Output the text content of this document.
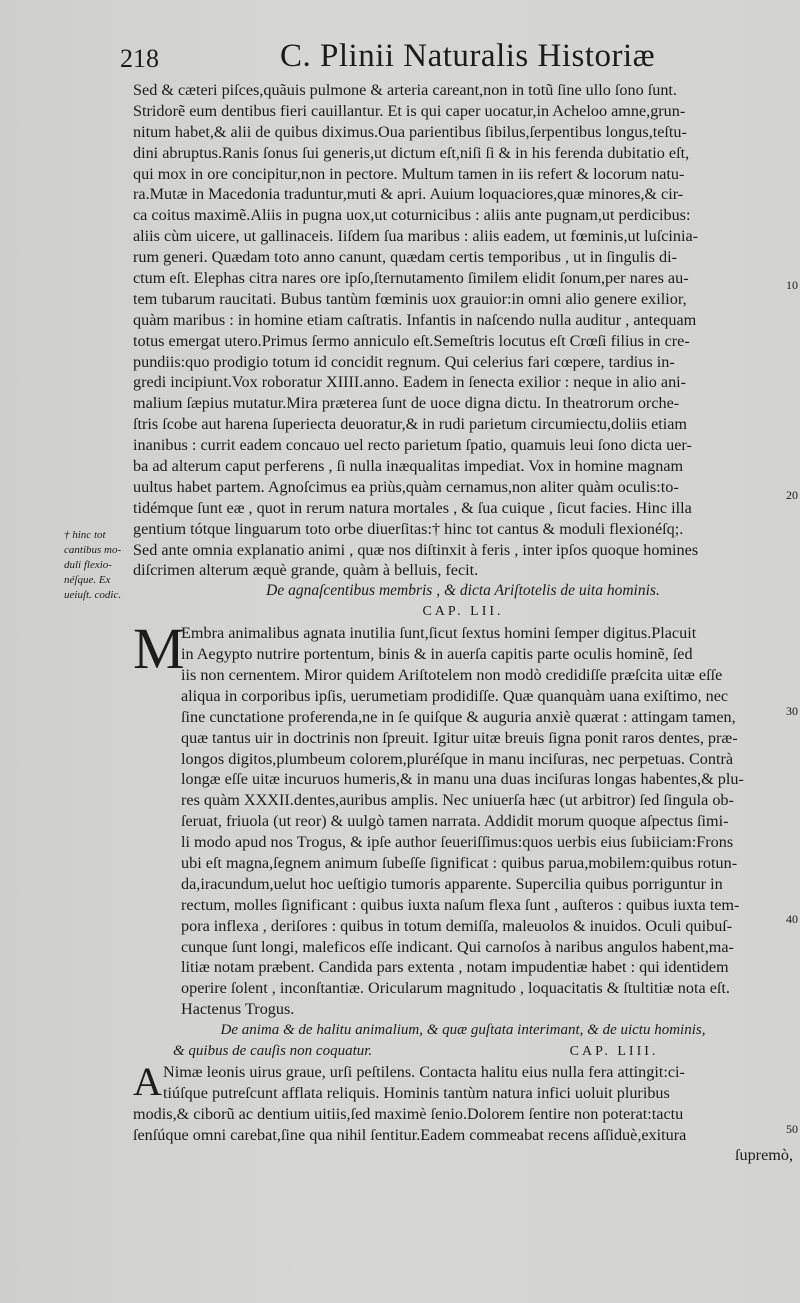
218	C. Plinii Naturalis Historiæ
† hinc tot
cantibus mo-
duli flexio-
néſque. Ex
ueiuſt. codic.
10
20
30
40
50
Sed & cæteri piſces,quãuis pulmone & arteria careant,non in totũ ſine ullo ſono ſunt.
Stridorẽ eum dentibus fieri cauillantur. Et is qui caper uocatur,in Acheloo amne,grun-
nitum habet,& alii de quibus diximus.Oua parientibus ſibilus,ſerpentibus longus,teſtu-
dini abruptus.Ranis ſonus ſui generis,ut dictum eſt,niſi ſi & in his ferenda dubitatio eſt,
qui mox in ore concipitur,non in pectore. Multum tamen in iis refert & locorum natu-
ra.Mutæ in Macedonia traduntur,muti & apri. Auium loquaciores,quæ minores,& cir-
ca coitus maximẽ.Aliis in pugna uox,ut coturnicibus : aliis ante pugnam,ut perdicibus:
aliis cùm uicere, ut gallinaceis. Iiſdem ſua maribus : aliis eadem, ut fœminis,ut luſcinia-
rum generi. Quædam toto anno canunt, quædam certis temporibus , ut in ſingulis di-
ctum eſt. Elephas citra nares ore ipſo,ſternutamento ſimilem elidit ſonum,per nares au-
tem tubarum raucitati. Bubus tantùm fœminis uox grauior:in omni alio genere exilior,
quàm maribus : in homine etiam caſtratis. Infantis in naſcendo nulla auditur , antequam
totus emergat utero.Primus ſermo anniculo eſt.Semeſtris locutus eſt Crœſi filius in cre-
pundiis:quo prodigio totum id concidit regnum. Qui celerius fari cœpere, tardius in-
gredi incipiunt.Vox roboratur XIIII.anno. Eadem in ſenecta exilior : neque in alio ani-
malium ſæpius mutatur.Mira præterea ſunt de uoce digna dictu. In theatrorum orche-
ſtris ſcobe aut harena ſuperiecta deuoratur,& in rudi parietum circumiectu,doliis etiam
inanibus : currit eadem concauo uel recto parietum ſpatio, quamuis leui ſono dicta uer-
ba ad alterum caput perferens , ſi nulla inæqualitas impediat. Vox in homine magnam
uultus habet partem. Agnoſcimus ea priùs,quàm cernamus,non aliter quàm oculis:to-
tidémque ſunt eæ , quot in rerum natura mortales , & ſua cuique , ſicut facies. Hinc illa
gentium tótque linguarum toto orbe diuerſitas:† hinc tot cantus & moduli flexionéſq;.
Sed ante omnia explanatio animi , quæ nos diſtinxit à feris , inter ipſos quoque homines
diſcrimen alterum æquè grande, quàm à belluis, fecit.
De agnaſcentibus membris , & dicta Ariſtotelis de uita hominis.
CAP. LII.
M
Embra animalibus agnata inutilia ſunt,ſicut ſextus homini ſemper digitus.Placuit
in Aegypto nutrire portentum, binis & in auerſa capitis parte oculis hominẽ, ſed
iis non cernentem. Miror quidem Ariſtotelem non modò credidiſſe præſcita uitæ eſſe
aliqua in corporibus ipſis, uerumetiam prodidiſſe. Quæ quanquàm uana exiſtimo, nec
ſine cunctatione proferenda,ne in ſe quiſque & auguria anxiè quærat : attingam tamen,
quæ tantus uir in doctrinis non ſpreuit. Igitur uitæ breuis ſigna ponit raros dentes, præ-
longos digitos,plumbeum colorem,pluréſque in manu inciſuras, nec perpetuas. Contrà
longæ eſſe uitæ incuruos humeris,& in manu una duas inciſuras longas habentes,& plu-
res quàm XXXII.dentes,auribus amplis. Nec uniuerſa hæc (ut arbitror) ſed ſingula ob-
ſeruat, friuola (ut reor) & uulgò tamen narrata. Addidit morum quoque aſpectus ſimi-
li modo apud nos Trogus, & ipſe author ſeueriſſimus:quos uerbis eius ſubiiciam:Frons
ubi eſt magna,ſegnem animum ſubeſſe ſignificat : quibus parua,mobilem:quibus rotun-
da,iracundum,uelut hoc ueſtigio tumoris apparente. Supercilia quibus porriguntur in
rectum, molles ſignificant : quibus iuxta naſum flexa ſunt , auſteros : quibus iuxta tem-
pora inflexa , deriſores : quibus in totum demiſſa, maleuolos & inuidos. Oculi quibuſ-
cunque ſunt longi, maleficos eſſe indicant. Qui carnoſos à naribus angulos habent,ma-
litiæ notam præbent. Candida pars extenta , notam impudentiæ habet : qui identidem
operire ſolent , inconſtantiæ. Oricularum magnitudo , loquacitatis & ſtultitiæ nota eſt.
Hactenus Trogus.
De anima & de halitu animalium, & quæ guſtata interimant, & de uictu hominis,
& quibus de cauſis non coquatur.	CAP. LIII.
A Nimæ leonis uirus graue, urſi peſtilens. Contacta halitu eius nulla fera attingit:ci-
tiúſque putreſcunt afflata reliquis. Hominis tantùm natura infici uoluit pluribus
modis,& ciborũ ac dentium uitiis,ſed maximè ſenio.Dolorem ſentire non poterat:tactu
ſenſúque omni carebat,ſine qua nihil ſentitur.Eadem commeabat recens aſſiduè,exitura
ſupremò,
